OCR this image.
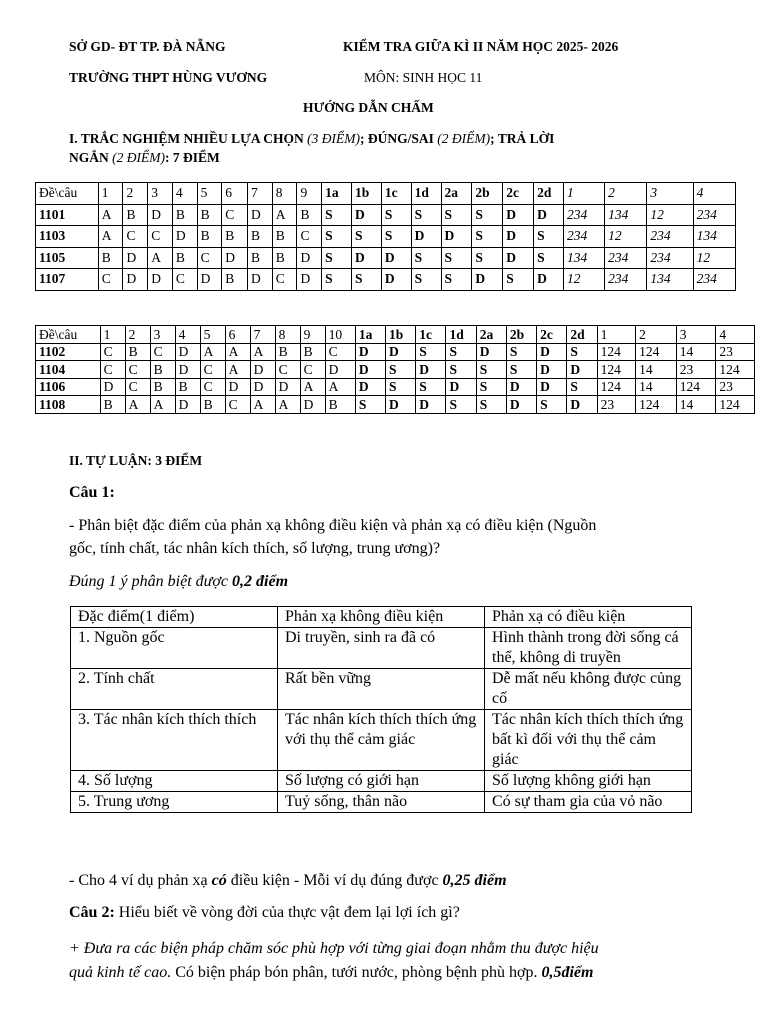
SỞ GD- ĐT TP. ĐÀ NẴNG	KIỂM TRA GIỮA KÌ II NĂM HỌC 2025- 2026
TRƯỜNG THPT HÙNG VƯƠNG	MÔN: SINH HỌC 11
HƯỚNG DẪN CHẤM
I. TRẮC NGHIỆM NHIỀU LỰA CHỌN (3 ĐIỂM); ĐÚNG/SAI (2 ĐIỂM); TRẢ LỜI
NGẮN (2 ĐIỂM): 7 ĐIỂM
Đề\câu	1	2	3	4	5	6	7	8	9	1a	1b	1c	1d	2a	2b	2c	2d	1	2	3	4
1101	A	B	D	B	B	C	D	A	B	S	D	S	S	S	S	D	D	234	134	12	234
1103	A	C	C	D	B	B	B	B	C	S	S	S	D	D	S	D	S	234	12	234	134
1105	B	D	A	B	C	D	B	B	D	S	D	D	S	S	S	D	S	134	234	234	12
1107	C	D	D	C	D	B	D	C	D	S	S	D	S	S	D	S	D	12	234	134	234
Đề\câu	1	2	3	4	5	6	7	8	9	10	1a	1b	1c	1d	2a	2b	2c	2d	1	2	3	4
1102	C	B	C	D	A	A	A	B	B	C	D	D	S	S	D	S	D	S	124	124	14	23
1104	C	C	B	D	C	A	D	C	C	D	D	S	D	S	S	S	D	D	124	14	23	124
1106	D	C	B	B	C	D	D	D	A	A	D	S	S	D	S	D	D	S	124	14	124	23
1108	B	A	A	D	B	C	A	A	D	B	S	D	D	S	S	D	S	D	23	124	14	124
II. TỰ LUẬN: 3 ĐIỂM
Câu 1:
- Phân biệt đặc điểm của phản xạ không điều kiện và phản xạ có điều kiện (Nguồn
gốc, tính chất, tác nhân kích thích, số lượng, trung ương)?
Đúng 1 ý phân biệt được 0,2 điểm
Đặc điểm(1 điểm)	Phản xạ không điều kiện	Phản xạ có điều kiện
1. Nguồn gốc	Di truyền, sinh ra đã có	Hình thành trong đời sống cá thể, không di truyền
2. Tính chất	Rất bền vững	Dễ mất nếu không được củng cố
3. Tác nhân kích thích thích	Tác nhân kích thích thích ứng với thụ thể cảm giác	Tác nhân kích thích thích ứng bất kì đối với thụ thể cảm giác
4. Số lượng	Số lượng có giới hạn	Số lượng không giới hạn
5. Trung ương	Tuỷ sống, thân não	Có sự tham gia của vỏ não
- Cho 4 ví dụ phản xạ có điều kiện - Mỗi ví dụ đúng được 0,25 điểm
Câu 2: Hiểu biết về vòng đời của thực vật đem lại lợi ích gì?
+ Đưa ra các biện pháp chăm sóc phù hợp với từng giai đoạn nhằm thu được hiệu
quả kinh tế cao. Có biện pháp bón phân, tưới nước, phòng bệnh phù hợp. 0,5điểm
